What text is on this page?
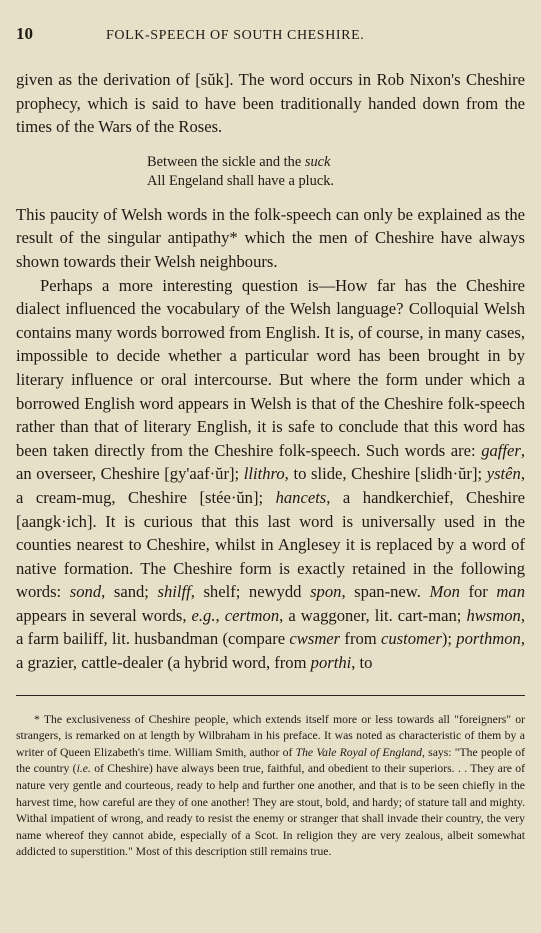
10	FOLK-SPEECH OF SOUTH CHESHIRE.

given as the derivation of [sŭk]. The word occurs in Rob Nixon's Cheshire prophecy, which is said to have been traditionally handed down from the times of the Wars of the Roses.

Between the sickle and the suck
All Engeland shall have a pluck.

This paucity of Welsh words in the folk-speech can only be explained as the result of the singular antipathy* which the men of Cheshire have always shown towards their Welsh neighbours.

Perhaps a more interesting question is—How far has the Cheshire dialect influenced the vocabulary of the Welsh language? Colloquial Welsh contains many words borrowed from English. It is, of course, in many cases, impossible to decide whether a particular word has been brought in by literary influence or oral intercourse. But where the form under which a borrowed English word appears in Welsh is that of the Cheshire folk-speech rather than that of literary English, it is safe to conclude that this word has been taken directly from the Cheshire folk-speech. Such words are: gaffer, an overseer, Cheshire [gy'aaf·ŭr]; llithro, to slide, Cheshire [slidh·ŭr]; ystên, a cream-mug, Cheshire [stée·ŭn]; hancets, a handkerchief, Cheshire [aangk·ich]. It is curious that this last word is universally used in the counties nearest to Cheshire, whilst in Anglesey it is replaced by a word of native formation. The Cheshire form is exactly retained in the following words: sond, sand; shilff, shelf; newydd spon, span-new. Mon for man appears in several words, e.g., certmon, a waggoner, lit. cart-man; hwsmon, a farm bailiff, lit. husbandman (compare cwsmer from customer); porthmon, a grazier, cattle-dealer (a hybrid word, from porthi, to

* The exclusiveness of Cheshire people, which extends itself more or less towards all "foreigners" or strangers, is remarked on at length by Wilbraham in his preface. It was noted as characteristic of them by a writer of Queen Elizabeth's time. William Smith, author of The Vale Royal of England, says: "The people of the country (i.e. of Cheshire) have always been true, faithful, and obedient to their superiors. . . They are of nature very gentle and courteous, ready to help and further one another, and that is to be seen chiefly in the harvest time, how careful are they of one another! They are stout, bold, and hardy; of stature tall and mighty. Withal impatient of wrong, and ready to resist the enemy or stranger that shall invade their country, the very name whereof they cannot abide, especially of a Scot. In religion they are very zealous, albeit somewhat addicted to superstition." Most of this description still remains true.
